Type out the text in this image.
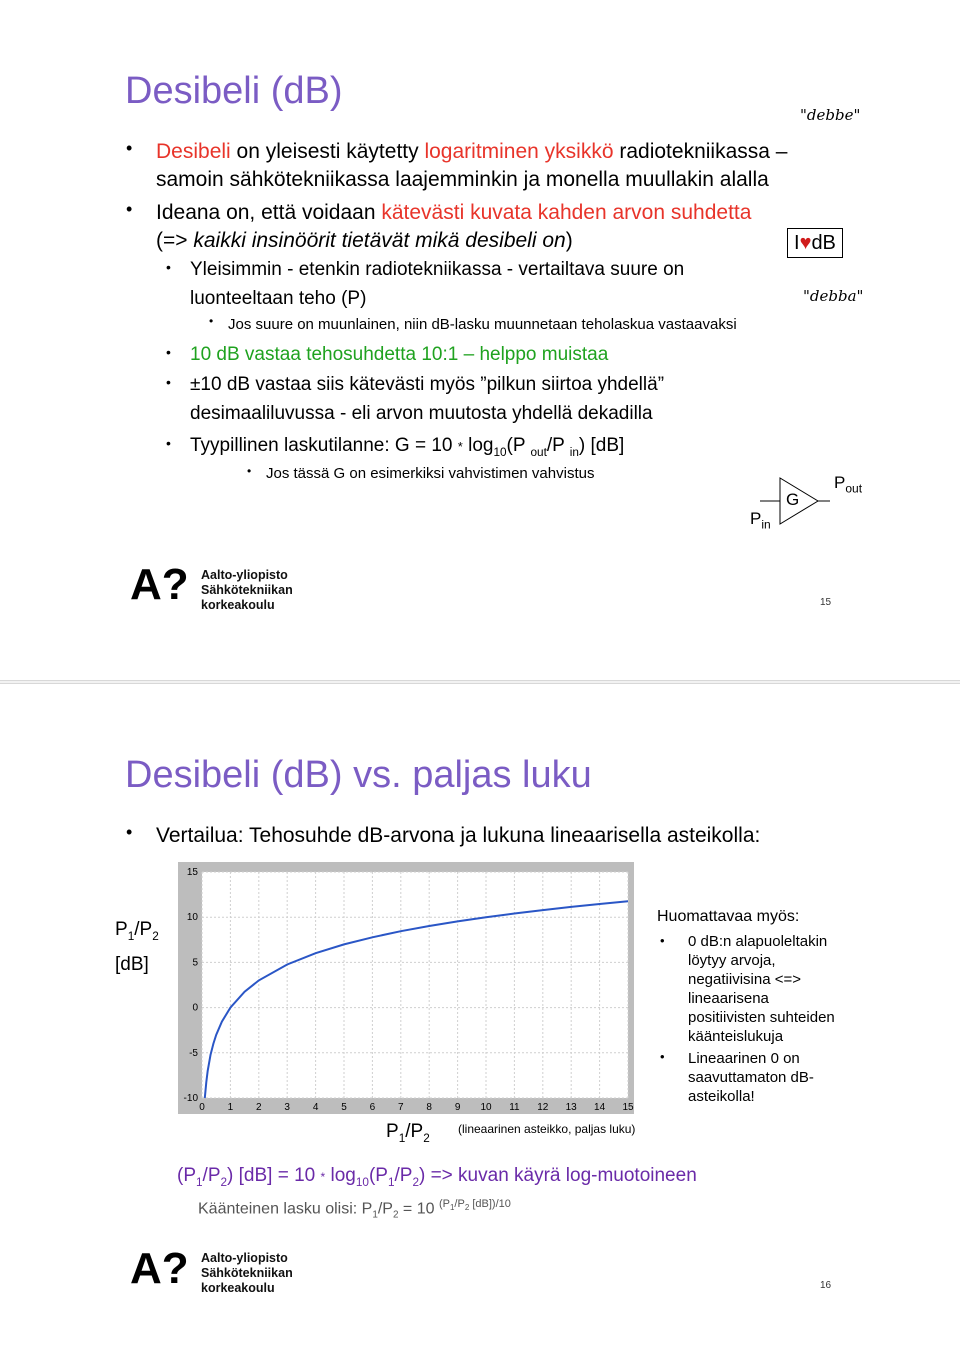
Desibeli (dB)
"debbe"
• Desibeli on yleisesti käytetty logaritminen yksikkö radiotekniikassa –
samoin sähkötekniikassa laajemminkin ja monella muullakin alalla
• Ideana on, että voidaan kätevästi kuvata kahden arvon suhdetta
(=> kaikki insinöörit tietävät mikä desibeli on)	I♥dB
• Yleisimmin - etenkin radiotekniikassa - vertailtava suure on
luonteeltaan teho (P)	"debba"
• Jos suure on muunlainen, niin dB-lasku muunnetaan teholaskua vastaavaksi
• 10 dB vastaa tehosuhdetta 10:1 – helppo muistaa
• ±10 dB vastaa siis kätevästi myös ”pilkun siirtoa yhdellä”
desimaaliluvussa - eli arvon muutosta yhdellä dekadilla
• Tyypillinen laskutilanne: $G = 10 * \log_{10}(P$ $_{out}$/P $_{in}$) [dB]
• Jos tässä G on esimerkiksi vahvistimen vahvistus
G
$P_{in}$
$P_{out}$
A? Aalto-yliopisto
Sähkötekniikan
korkeakoulu	15
Desibeli (dB) vs. paljas luku
• Vertailua: Tehosuhde dB-arvona ja lukuna lineaarisella asteikolla:
$P_1/P_2$
[dB]
0 1 2 3 4 5 6 7 8 9 10 11 12 13 14 15
-10
-5
0
5
10
15
$P_1/P_2$
(lineaarinen asteikko, paljas luku)
Huomattavaa myös:
• 0 dB:n alapuoleltakin
löytyy arvoja,
negatiivisina <=>
lineaarisena
positiivisten suhteiden
käänteislukuja
• Lineaarinen 0 on
saavuttamaton dB-
asteikolla!
$(P_1/P_2) [dB] = 10 * \log_{10}(P_1/P_2)$ => kuvan käyrä log-muotoineen
Käänteinen lasku olisi: $P_1/P_2 = 10$ $^{(P_1/P_2 [dB])/10}$
A? Aalto-yliopisto
Sähkötekniikan
korkeakoulu	16
